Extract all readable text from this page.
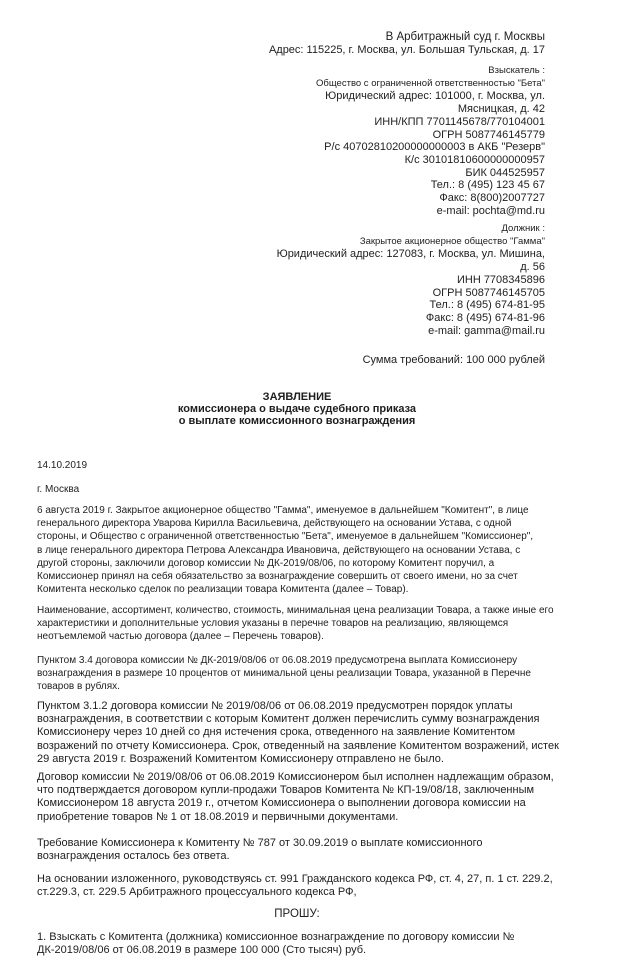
В Арбитражный суд г. Москвы
Адрес: 115225, г. Москва, ул. Большая Тульская, д. 17
Взыскатель :
Общество с ограниченной ответственностью "Бета"
Юридический адрес: 101000, г. Москва, ул.
Мясницкая, д. 42
ИНН/КПП 7701145678/770104001
ОГРН 5087746145779
Р/с 40702810200000000003 в АКБ "Резерв"
К/с 30101810600000000957
БИК 044525957
Тел.: 8 (495) 123 45 67
Факс: 8(800)2007727
e-mail: pochta@md.ru
Должник :
Закрытое акционерное общество "Гамма"
Юридический адрес: 127083, г. Москва, ул. Мишина,
д. 56
ИНН 7708345896
ОГРН 5087746145705
Тел.: 8 (495) 674-81-95
Факс: 8 (495) 674-81-96
e-mail: gamma@mail.ru
Сумма требований: 100 000 рублей
ЗАЯВЛЕНИЕ
комиссионера о выдаче судебного приказа
о выплате комиссионного вознаграждения
14.10.2019
г. Москва
6 августа 2019 г. Закрытое акционерное общество "Гамма", именуемое в дальнейшем "Комитент", в лице
генерального директора Уварова Кирилла Васильевича, действующего на основании Устава, с одной
стороны, и Общество с ограниченной ответственностью "Бета", именуемое в дальнейшем "Комиссионер",
в лице генерального директора Петрова Александра Ивановича, действующего на основании Устава, с
другой стороны, заключили договор комиссии № ДК-2019/08/06, по которому Комитент поручил, а
Комиссионер принял на себя обязательство за вознаграждение совершить от своего имени, но за счет
Комитента несколько сделок по реализации товара Комитента (далее – Товар).
Наименование, ассортимент, количество, стоимость, минимальная цена реализации Товара, а также иные его
характеристики и дополнительные условия указаны в перечне товаров на реализацию, являющемся
неотъемлемой частью договора (далее – Перечень товаров).
Пунктом 3.4 договора комиссии № ДК-2019/08/06 от 06.08.2019 предусмотрена выплата Комиссионеру
вознаграждения в размере 10 процентов от минимальной цены реализации Товара, указанной в Перечне
товаров в рублях.
Пунктом 3.1.2 договора комиссии № 2019/08/06 от 06.08.2019 предусмотрен порядок уплаты
вознаграждения, в соответствии с которым Комитент должен перечислить сумму вознаграждения
Комиссионеру через 10 дней со дня истечения срока, отведенного на заявление Комитентом
возражений по отчету Комиссионера. Срок, отведенный на заявление Комитентом возражений, истек
29 августа 2019 г. Возражений Комитентом Комиссионеру отправлено не было.
Договор комиссии № 2019/08/06 от 06.08.2019 Комиссионером был исполнен надлежащим образом,
что подтверждается договором купли-продажи Товаров Комитента № КП-19/08/18, заключенным
Комиссионером 18 августа 2019 г., отчетом Комиссионера о выполнении договора комиссии на
приобретение товаров № 1 от 18.08.2019 и первичными документами.
Требование Комиссионера к Комитенту № 787 от 30.09.2019 о выплате комиссионного
вознаграждения осталось без ответа.
На основании изложенного, руководствуясь ст. 991 Гражданского кодекса РФ, ст. 4, 27, п. 1 ст. 229.2,
ст.229.3, ст. 229.5 Арбитражного процессуального кодекса РФ,
ПРОШУ:
1. Взыскать с Комитента (должника) комиссионное вознаграждение по договору комиссии №
ДК-2019/08/06 от 06.08.2019 в размере 100 000 (Сто тысяч) руб.
